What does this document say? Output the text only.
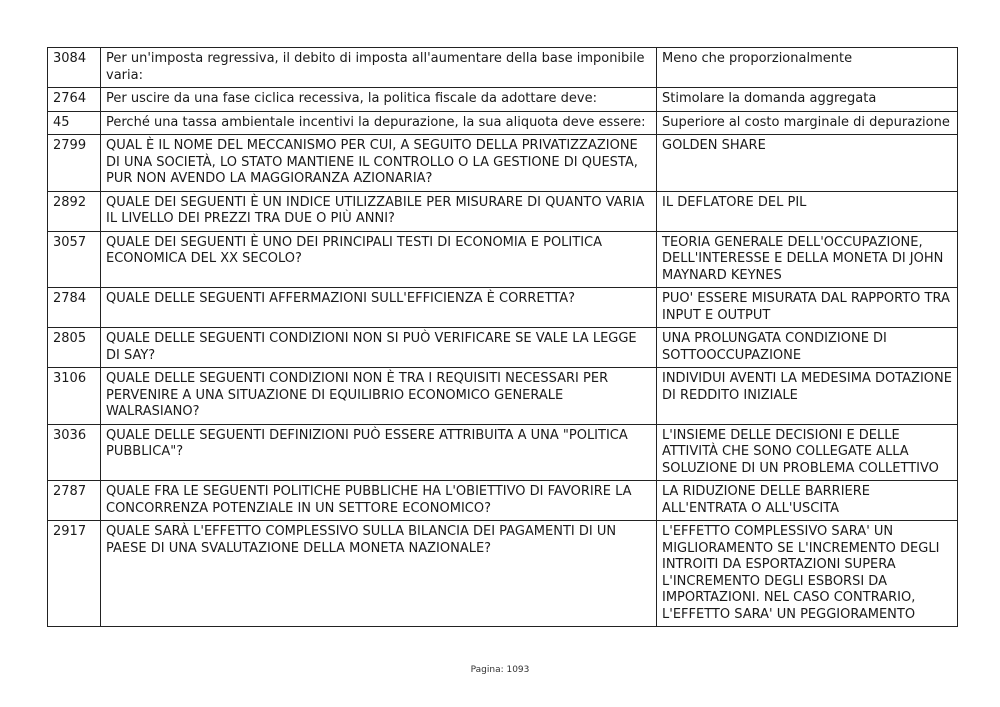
3084	Per un'imposta regressiva, il debito di imposta all'aumentare della base imponibile varia:	Meno che proporzionalmente
2764	Per uscire da una fase ciclica recessiva, la politica fiscale da adottare deve:	Stimolare la domanda aggregata
45	Perché una tassa ambientale incentivi la depurazione, la sua aliquota deve essere:	Superiore al costo marginale di depurazione
2799	QUAL È IL NOME DEL MECCANISMO PER CUI, A SEGUITO DELLA PRIVATIZZAZIONE DI UNA SOCIETÀ, LO STATO MANTIENE IL CONTROLLO O LA GESTIONE DI QUESTA, PUR NON AVENDO LA MAGGIORANZA AZIONARIA?	GOLDEN SHARE
2892	QUALE DEI SEGUENTI È UN INDICE UTILIZZABILE PER MISURARE DI QUANTO VARIA IL LIVELLO DEI PREZZI TRA DUE O PIÙ ANNI?	IL DEFLATORE DEL PIL
3057	QUALE DEI SEGUENTI È UNO DEI PRINCIPALI TESTI DI ECONOMIA E POLITICA ECONOMICA DEL XX SECOLO?	TEORIA GENERALE DELL'OCCUPAZIONE, DELL'INTERESSE E DELLA MONETA DI JOHN MAYNARD KEYNES
2784	QUALE DELLE SEGUENTI AFFERMAZIONI SULL'EFFICIENZA È CORRETTA?	PUO' ESSERE MISURATA DAL RAPPORTO TRA INPUT E OUTPUT
2805	QUALE DELLE SEGUENTI CONDIZIONI NON SI PUÒ VERIFICARE SE VALE LA LEGGE DI SAY?	UNA PROLUNGATA CONDIZIONE DI SOTTOOCCUPAZIONE
3106	QUALE DELLE SEGUENTI CONDIZIONI NON È TRA I REQUISITI NECESSARI PER PERVENIRE A UNA SITUAZIONE DI EQUILIBRIO ECONOMICO GENERALE WALRASIANO?	INDIVIDUI AVENTI LA MEDESIMA DOTAZIONE DI REDDITO INIZIALE
3036	QUALE DELLE SEGUENTI DEFINIZIONI PUÒ ESSERE ATTRIBUITA A UNA "POLITICA PUBBLICA"?	L'INSIEME DELLE DECISIONI E DELLE ATTIVITÀ CHE SONO COLLEGATE ALLA SOLUZIONE DI UN PROBLEMA COLLETTIVO
2787	QUALE FRA LE SEGUENTI POLITICHE PUBBLICHE HA L'OBIETTIVO DI FAVORIRE LA CONCORRENZA POTENZIALE IN UN SETTORE ECONOMICO?	LA RIDUZIONE DELLE BARRIERE ALL'ENTRATA O ALL'USCITA
2917	QUALE SARÀ L'EFFETTO COMPLESSIVO SULLA BILANCIA DEI PAGAMENTI DI UN PAESE DI UNA SVALUTAZIONE DELLA MONETA NAZIONALE?	L'EFFETTO COMPLESSIVO SARA' UN MIGLIORAMENTO SE L'INCREMENTO DEGLI INTROITI DA ESPORTAZIONI SUPERA L'INCREMENTO DEGLI ESBORSI DA IMPORTAZIONI. NEL CASO CONTRARIO, L'EFFETTO SARA' UN PEGGIORAMENTO
Pagina: 1093
